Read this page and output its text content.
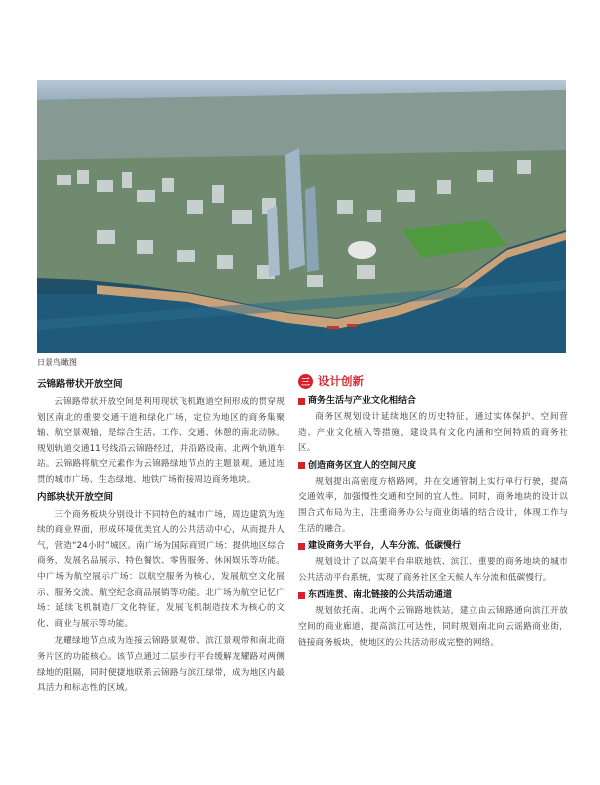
日景鸟瞰图
云锦路带状开放空间

云锦路带状开放空间是利用现状飞机跑道空间形成的贯穿规划区南北的重要交通干道和绿化广场，定位为地区的商务集聚轴、航空景观轴，是综合生活、工作、交通、休憩的南北动脉。规划轨道交通11号线沿云锦路经过，并沿路设南、北两个轨道车站。云锦路将航空元素作为云锦路绿地节点的主题景观，通过连贯的城市广场、生态绿地、地铁广场衔接周边商务地块。

内部块状开放空间

三个商务板块分别设计不同特色的城市广场，周边建筑为连续的商业界面，形成环境优美宜人的公共活动中心，从而提升人气，营造“24小时”城区。南广场为国际商贸广场：提供地区综合商务，发展名品展示、特色餐饮、零售服务、休闲娱乐等功能。中广场为航空展示广场：以航空服务为核心，发展航空文化展示、服务交流、航空纪念商品展销等功能。北广场为航空记忆广场：延续飞机制造厂文化特征，发展飞机制造技术为核心的文化、商业与展示等功能。

龙耀绿地节点成为连接云锦路景观带、滨江景观带和南北商务片区的功能核心。该节点通过二层步行平台缓解龙耀路对两侧绿地的阻隔，同时便捷地联系云锦路与滨江绿带，成为地区内最具活力和标志性的区域。

三 设计创新
商务生活与产业文化相结合

商务区规划设计延续地区的历史特征，通过实体保护、空间营造、产业文化植入等措施，建设具有文化内涵和空间特质的商务社区。

创造商务区宜人的空间尺度

规划提出高密度方格路网，并在交通管制上实行单行行驶，提高交通效率，加强慢性交通和空间的宜人性。同时，商务地块的设计以围合式布局为主，注重商务办公与商业街墙的结合设计，体现工作与生活的融合。

建设商务大平台，人车分流、低碳慢行

规划设计了以高架平台串联地铁、滨江、重要的商务地块的城市公共活动平台系统，实现了商务社区全天候人车分流和低碳慢行。

东西连贯、南北链接的公共活动通道

规划依托南、北两个云锦路地铁站，建立由云锦路通向滨江开放空间的商业廊道，提高滨江可达性，同时规划南北向云谣路商业街，链接商务板块，使地区的公共活动形成完整的网络。
